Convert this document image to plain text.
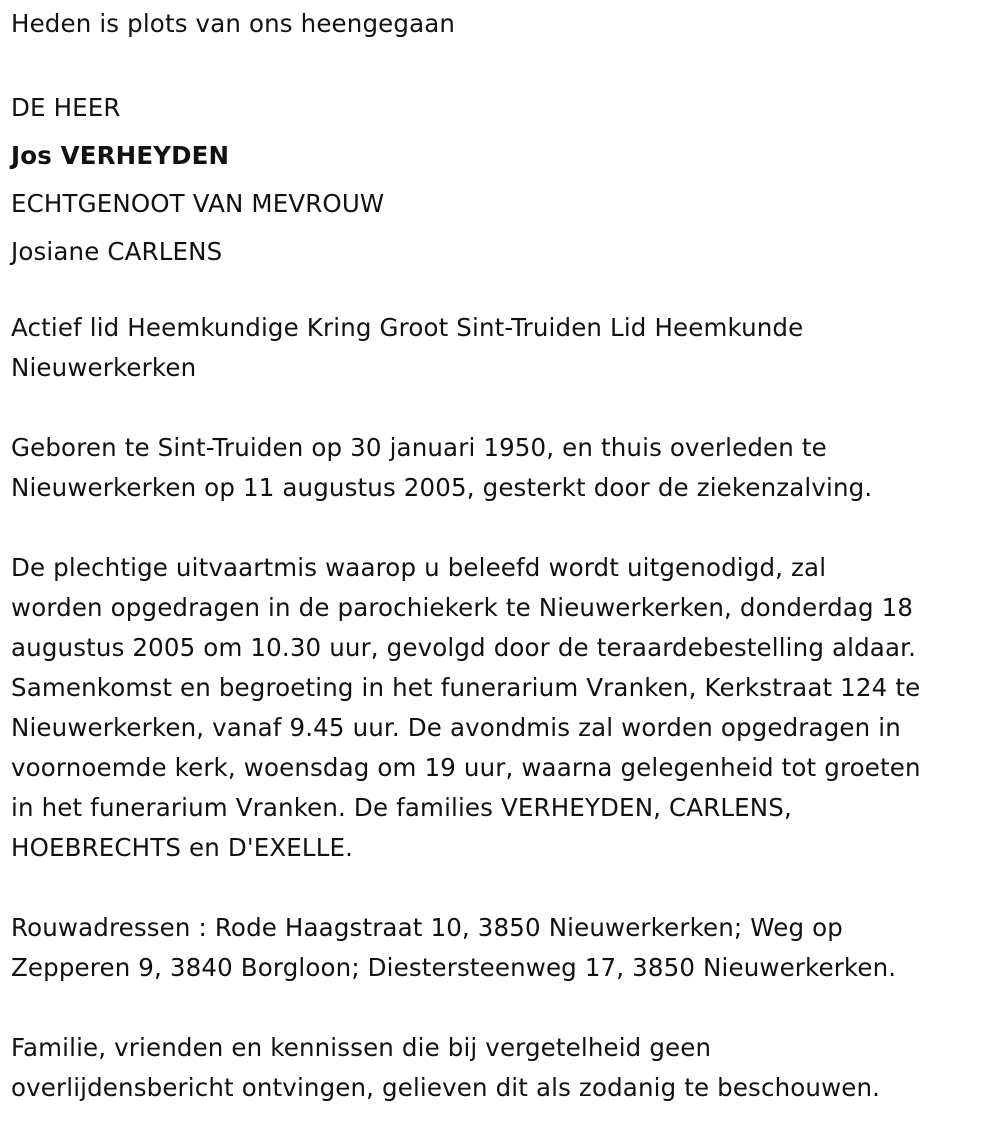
Heden is plots van ons heengegaan
DE HEER
Jos VERHEYDEN
ECHTGENOOT VAN MEVROUW
Josiane CARLENS
Actief lid Heemkundige Kring Groot Sint-Truiden Lid Heemkunde
Nieuwerkerken
Geboren te Sint-Truiden op 30 januari 1950, en thuis overleden te
Nieuwerkerken op 11 augustus 2005, gesterkt door de ziekenzalving.
De plechtige uitvaartmis waarop u beleefd wordt uitgenodigd, zal
worden opgedragen in de parochiekerk te Nieuwerkerken, donderdag 18
augustus 2005 om 10.30 uur, gevolgd door de teraardebestelling aldaar.
Samenkomst en begroeting in het funerarium Vranken, Kerkstraat 124 te
Nieuwerkerken, vanaf 9.45 uur. De avondmis zal worden opgedragen in
voornoemde kerk, woensdag om 19 uur, waarna gelegenheid tot groeten
in het funerarium Vranken. De families VERHEYDEN, CARLENS,
HOEBRECHTS en D'EXELLE.
Rouwadressen : Rode Haagstraat 10, 3850 Nieuwerkerken; Weg op
Zepperen 9, 3840 Borgloon; Diestersteenweg 17, 3850 Nieuwerkerken.
Familie, vrienden en kennissen die bij vergetelheid geen
overlijdensbericht ontvingen, gelieven dit als zodanig te beschouwen.
